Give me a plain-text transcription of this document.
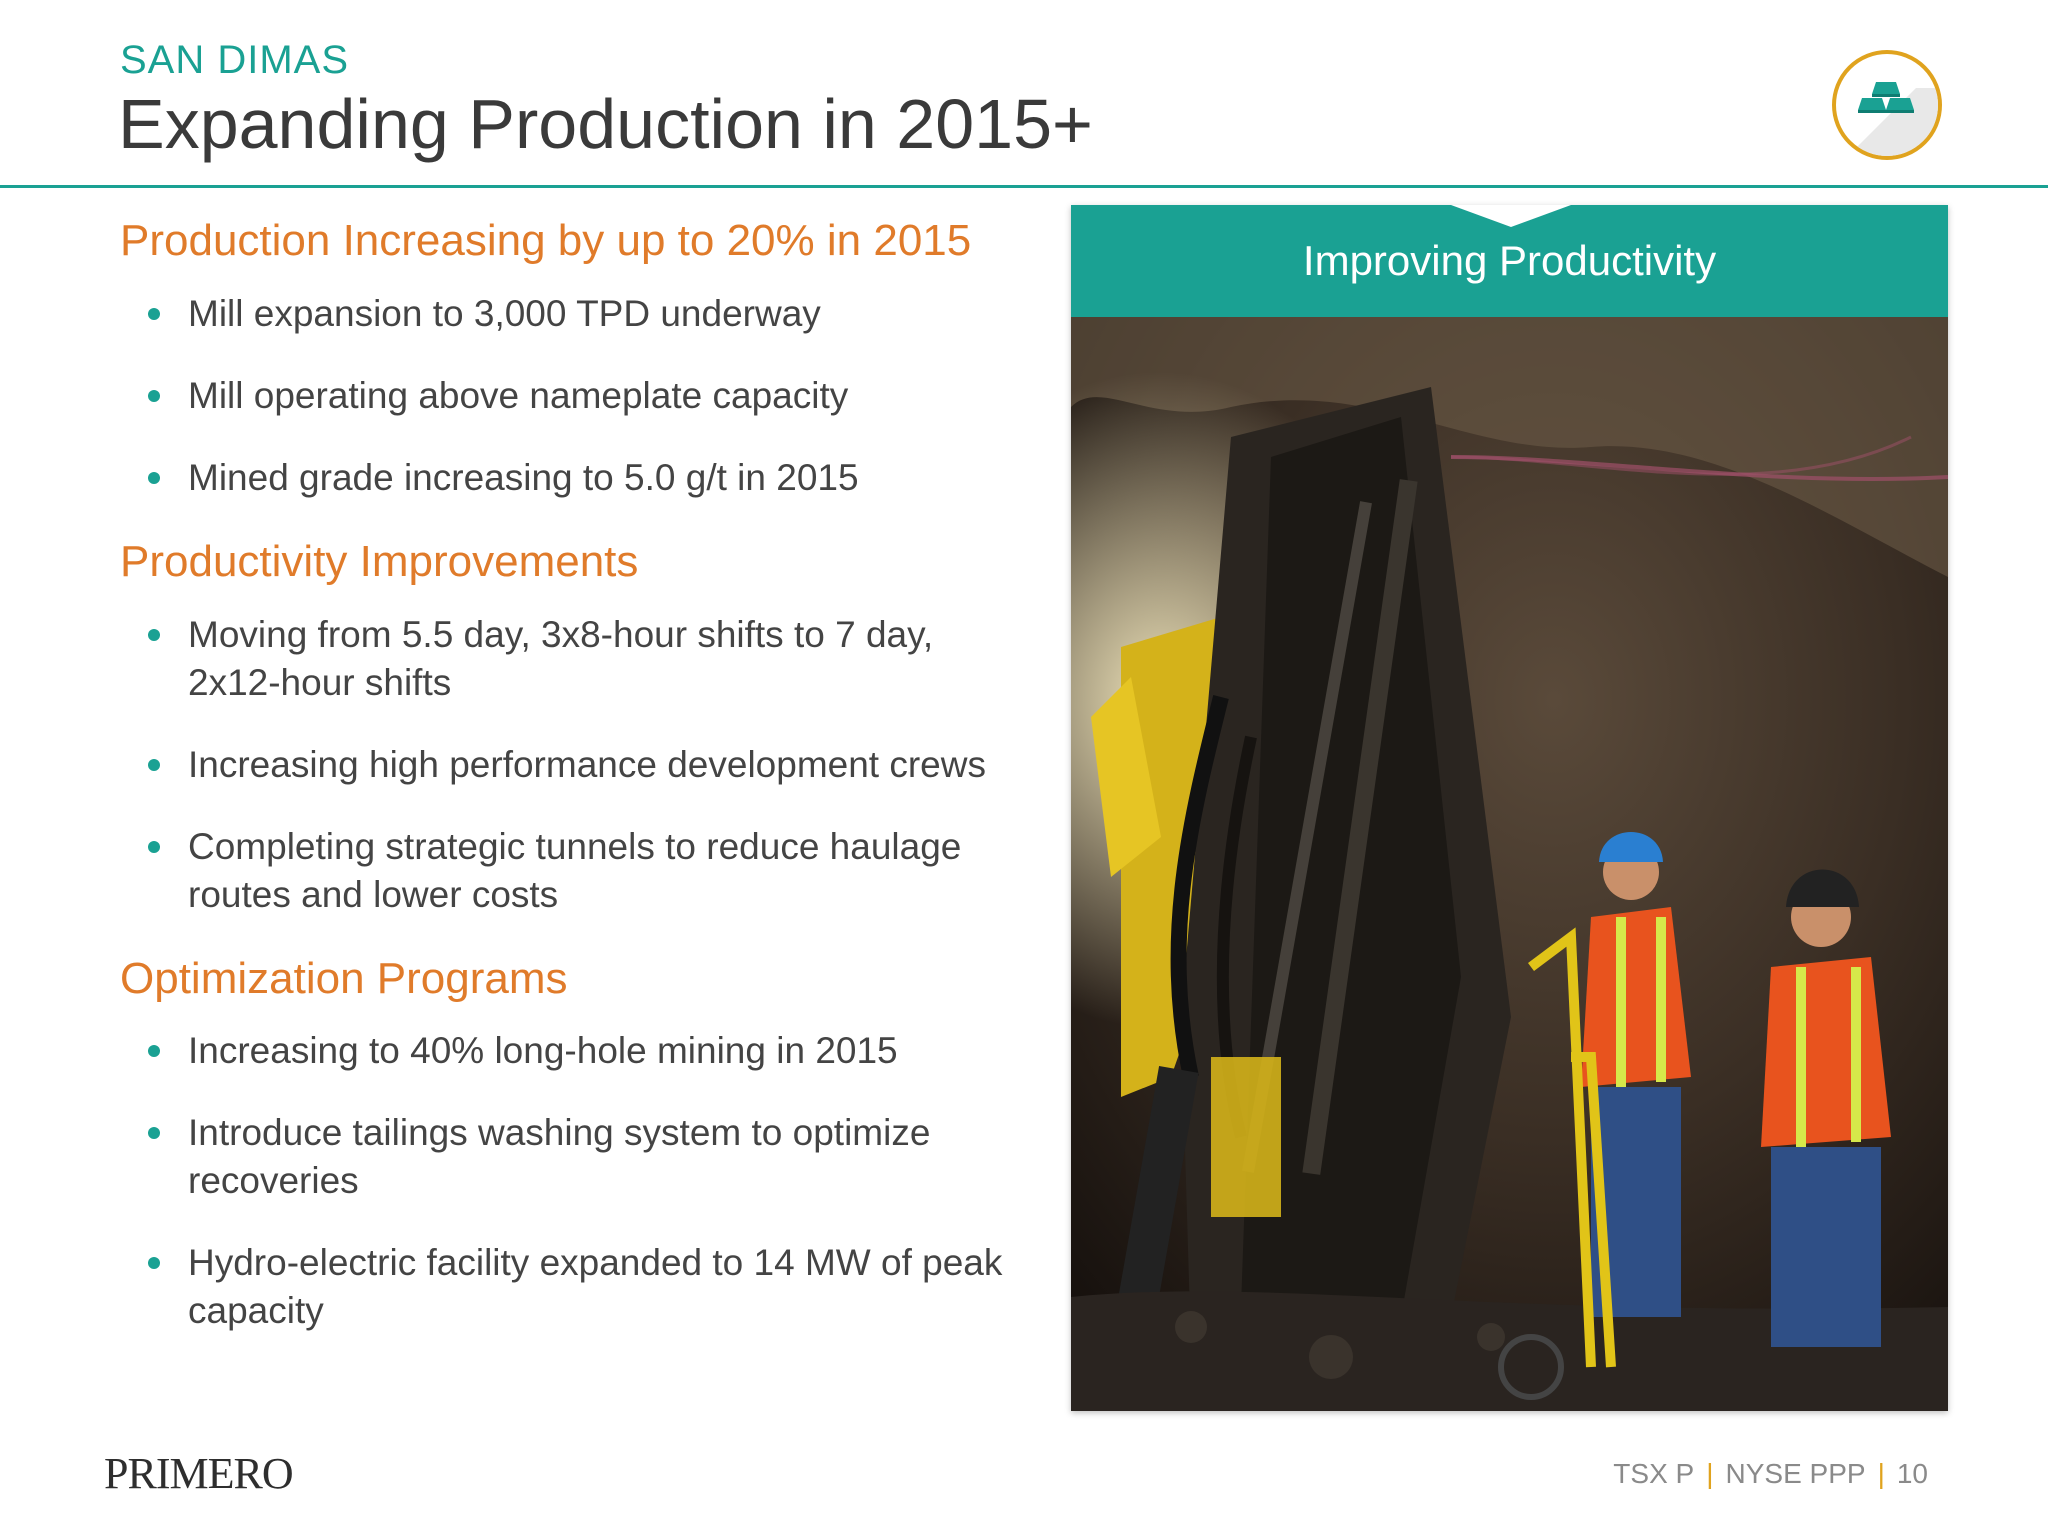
SAN DIMAS
Expanding Production in 2015+
Production Increasing by up to 20% in 2015
Mill expansion to 3,000 TPD underway
Mill operating above nameplate capacity
Mined grade increasing to 5.0 g/t in 2015
Productivity Improvements
Moving from 5.5 day, 3x8-hour shifts to 7 day, 2x12-hour shifts
Increasing high performance development crews
Completing strategic tunnels to reduce haulage routes and lower costs
Optimization Programs
Increasing to 40% long-hole mining in 2015
Introduce tailings washing system to optimize recoveries
Hydro-electric facility expanded to 14 MW of peak capacity
Improving Productivity
PRIMERO	TSX P | NYSE PPP | 10
